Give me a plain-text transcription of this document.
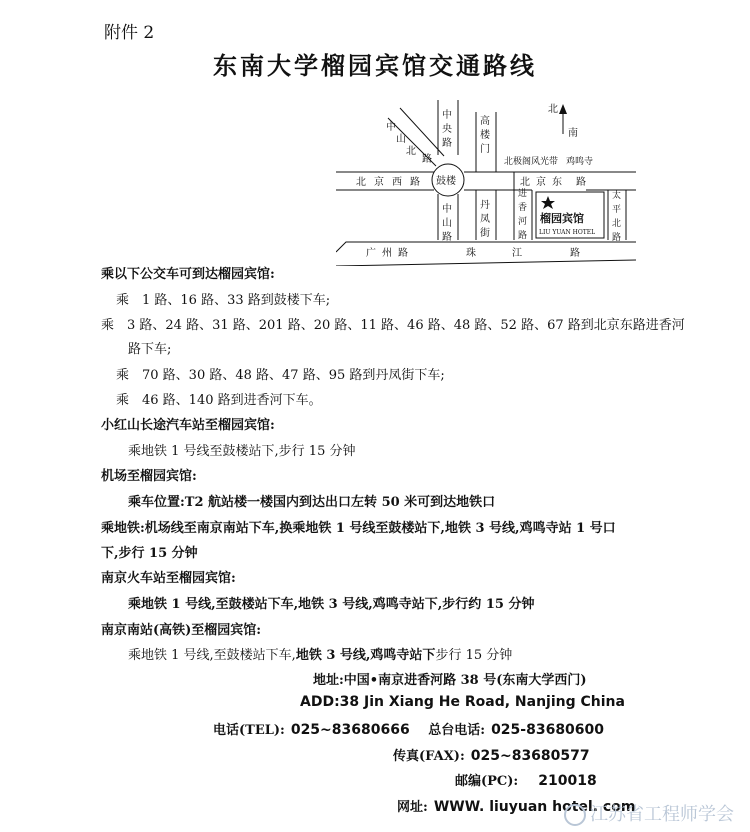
附件 2
东南大学榴园宾馆交通路线
北
南
中
山
北
路
中
央
路
高
楼
门
北极阁风光带 鸡鸣寺
北 京 西 路 鼓楼	北 京 东 路
进
香
河
路
太
平
北
路
中
山
路
丹
凤
街
榴园宾馆
LIU YUAN HOTEL
广 州 路	珠	江	路
乘以下公交车可到达榴园宾馆:
乘　1 路、16 路、33 路到鼓楼下车;
乘　3 路、24 路、31 路、201 路、20 路、11 路、46 路、48 路、52 路、67 路到北京东路进香河
路下车;
乘　70 路、30 路、48 路、47 路、95 路到丹凤街下车;
乘　46 路、140 路到进香河下车。
小红山长途汽车站至榴园宾馆:
乘地铁 1 号线至鼓楼站下,步行 15 分钟
机场至榴园宾馆:
乘车位置:T2 航站楼一楼国内到达出口左转 50 米可到达地铁口
乘地铁:机场线至南京南站下车,换乘地铁 1 号线至鼓楼站下,地铁 3 号线,鸡鸣寺站 1 号口
下,步行 15 分钟
南京火车站至榴园宾馆:
乘地铁 1 号线,至鼓楼站下车,地铁 3 号线,鸡鸣寺站下,步行约 15 分钟
南京南站(高铁)至榴园宾馆:
乘地铁 1 号线,至鼓楼站下车,地铁 3 号线,鸡鸣寺站下步行 15 分钟
地址:中国•南京进香河路 38 号(东南大学西门)
ADD:38 Jin Xiang He Road, Nanjing China
电话(TEL): 025~83680666 总台电话: 025-83680600
传真(FAX): 025~83680577
邮编(PC): 210018
网址: WWW. liuyuan hotel. com
江苏省工程师学会
